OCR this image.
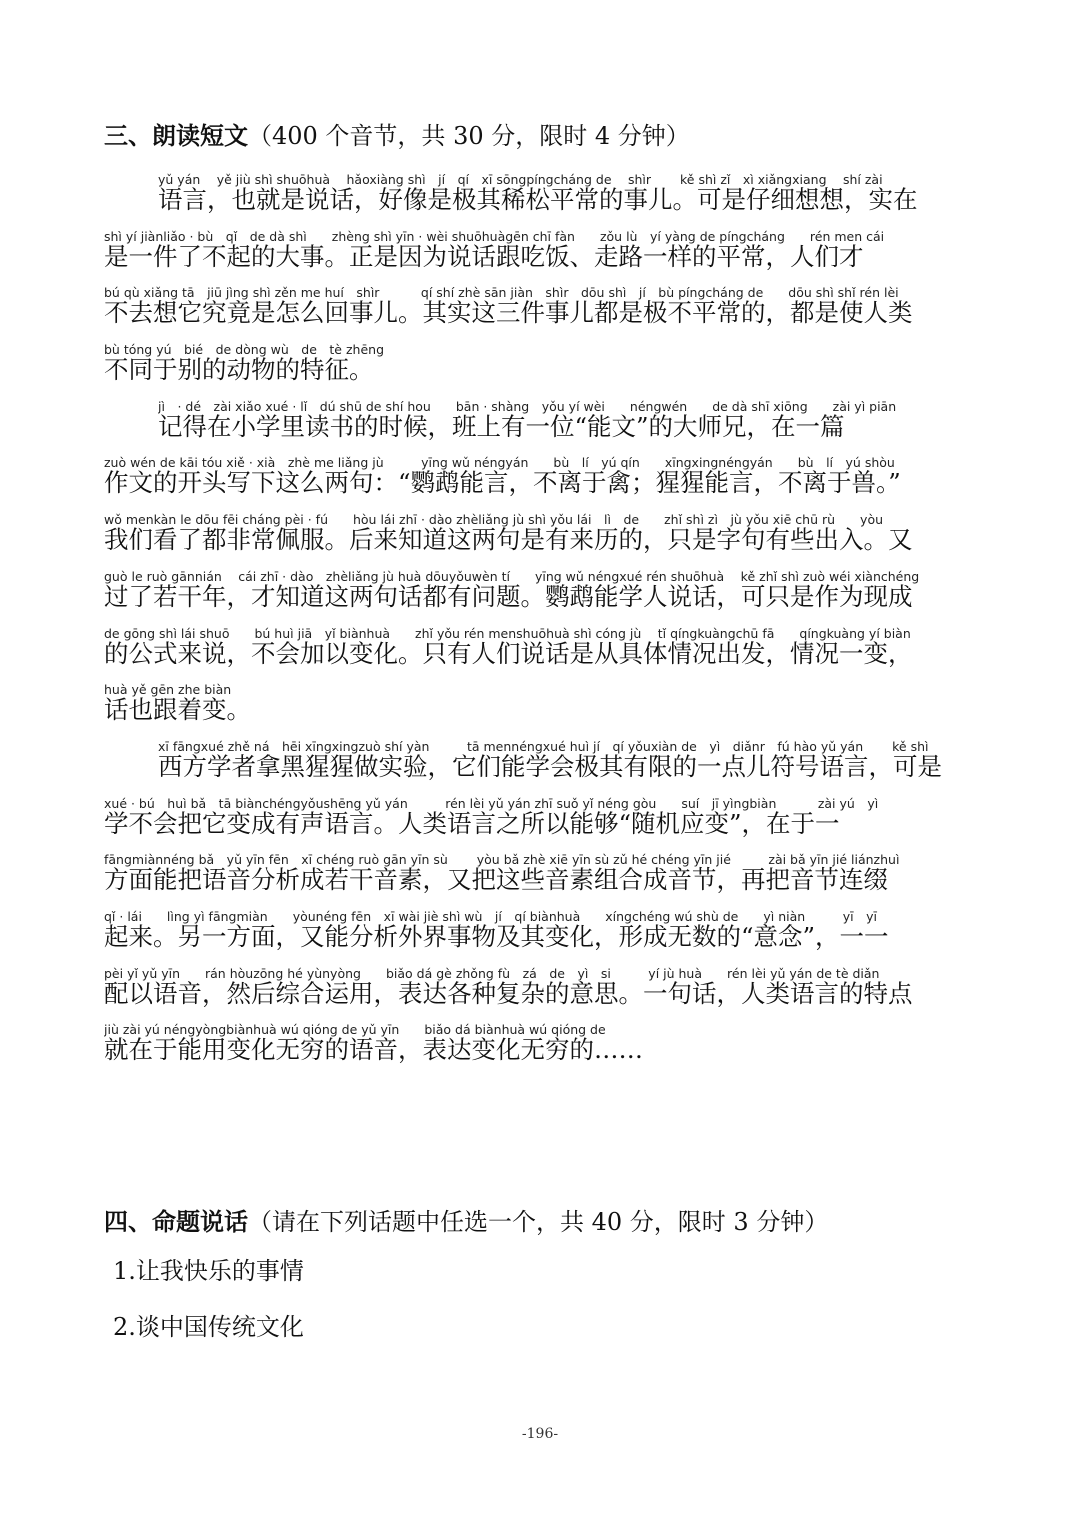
三、朗读短文（400 个音节，共 30 分，限时 4 分钟）
yǔ yán　 yě jiù shì shuōhuà　 hǎoxiàng shì　jí　qí　xī sōngpíngcháng de　 shìr　　 kě shì zǐ　xì xiǎngxiang　 shí zài
语言，也就是说话，好像是极其稀松平常的事儿。可是仔细想想，实在
shì yí jiànliǎo · bù　qǐ　de dà shì　　zhèng shì yīn · wèi shuōhuàgēn chī fàn　　zǒu lù　yí yàng de píngcháng　　rén men cái
是一件了不起的大事。正是因为说话跟吃饭、走路一样的平常，人们才
bú qù xiǎng tā　jiū jìng shì zěn me huí　shìr　　　 qí shí zhè sān jiàn　shìr　dōu shì　jí　bù píngcháng de　　dōu shì shǐ rén lèi
不去想它究竟是怎么回事儿。其实这三件事儿都是极不平常的，都是使人类
bù tóng yú　bié　de dòng wù　de　tè zhēng
不同于别的动物的特征。
jì　· dé　zài xiǎo xué · lǐ　dú shū de shí hou　　bān · shàng　yǒu yí wèi　　néngwén　　de dà shī xiōng　　zài yì piān
记得在小学里读书的时候，班上有一位“能文”的大师兄，在一篇
zuò wén de kāi tóu xiě · xià　zhè me liǎng jù　　　yīng wǔ néngyán　　bù　lí　yú qín　　xīngxingnéngyán　　bù　lí　yú shòu
作文的开头写下这么两句：“鹦鹉能言，不离于禽；猩猩能言，不离于兽。”
wǒ menkàn le dōu fēi cháng pèi · fú　　hòu lái zhī · dào zhèliǎng jù shì yǒu lái　lì　de　　zhǐ shì zì　jù yǒu xiē chū rù　　yòu
我们看了都非常佩服。后来知道这两句是有来历的，只是字句有些出入。又
guò le ruò gānnián　 cái zhī · dào　zhèliǎng jù huà dōuyǒuwèn tí　　yīng wǔ néngxué rén shuōhuà　 kě zhǐ shì zuò wéi xiànchéng
过了若干年，才知道这两句话都有问题。鹦鹉能学人说话，可只是作为现成
de gōng shì lái shuō　　bú huì jiā　yǐ biànhuà　　zhǐ yǒu rén menshuōhuà shì cóng jù　 tǐ qíngkuàngchū fā　　qíngkuàng yí biàn
的公式来说，不会加以变化。只有人们说话是从具体情况出发，情况一变，
huà yě gēn zhe biàn
话也跟着变。
xī fāngxué zhě ná　hēi xīngxingzuò shí yàn　　　tā mennéngxué huì jí　qí yǒuxiàn de　yì　diǎnr　fú hào yǔ yán　　 kě shì
西方学者拿黑猩猩做实验，它们能学会极其有限的一点儿符号语言，可是
xué · bú　huì bǎ　tā biànchéngyǒushēng yǔ yán　　　rén lèi yǔ yán zhī suǒ yǐ néng gòu　　suí　jī yìngbiàn　　　 zài yú　yì
学不会把它变成有声语言。人类语言之所以能够“随机应变”，在于一
fāngmiànnéng bǎ　yǔ yīn fēn　xī chéng ruò gān yīn sù　　 yòu bǎ zhè xiē yīn sù zǔ hé chéng yīn jié　　　zài bǎ yīn jié liánzhuì
方面能把语音分析成若干音素，又把这些音素组合成音节，再把音节连缀
qǐ · lái　　lìng yì fāngmiàn　　yòunéng fēn　xī wài jiè shì wù　jí　qí biànhuà　　xíngchéng wú shù de　　yì niàn　　　yī　yī
起来。另一方面，又能分析外界事物及其变化，形成无数的“意念”，一一
pèi yǐ yǔ yīn　　rán hòuzōng hé yùnyòng　　biǎo dá gè zhǒng fù　zá　de　yì　si　　　yí jù huà　　rén lèi yǔ yán de tè diǎn
配以语音，然后综合运用，表达各种复杂的意思。一句话，人类语言的特点
jiù zài yú néngyòngbiànhuà wú qióng de yǔ yīn　　biǎo dá biànhuà wú qióng de
就在于能用变化无穷的语音，表达变化无穷的……
四、命题说话（请在下列话题中任选一个，共 40 分，限时 3 分钟）
1.让我快乐的事情
2.谈中国传统文化
-196-
